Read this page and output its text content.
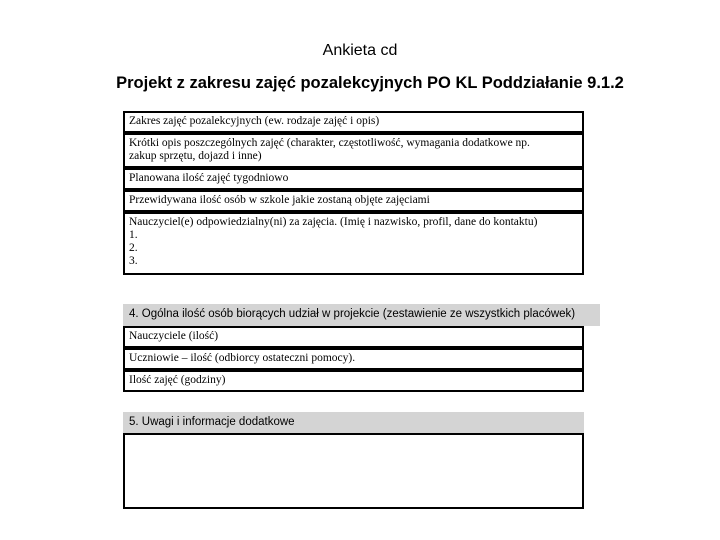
Ankieta cd
Projekt z zakresu zajęć pozalekcyjnych PO KL Poddziałanie 9.1.2
Zakres zajęć pozalekcyjnych (ew. rodzaje zajęć i opis)
Krótki opis poszczególnych zajęć (charakter, częstotliwość, wymagania dodatkowe np.
zakup sprzętu, dojazd i inne)
Planowana ilość zajęć tygodniowo
Przewidywana ilość osób w szkole jakie zostaną objęte zajęciami
Nauczyciel(e) odpowiedzialny(ni) za zajęcia. (Imię i nazwisko, profil, dane do kontaktu)
1.
2.
3.
4. Ogólna ilość osób biorących udział w projekcie (zestawienie ze wszystkich placówek)
Nauczyciele (ilość)
Uczniowie – ilość (odbiorcy ostateczni pomocy).
Ilość zajęć (godziny)
5. Uwagi i informacje dodatkowe
